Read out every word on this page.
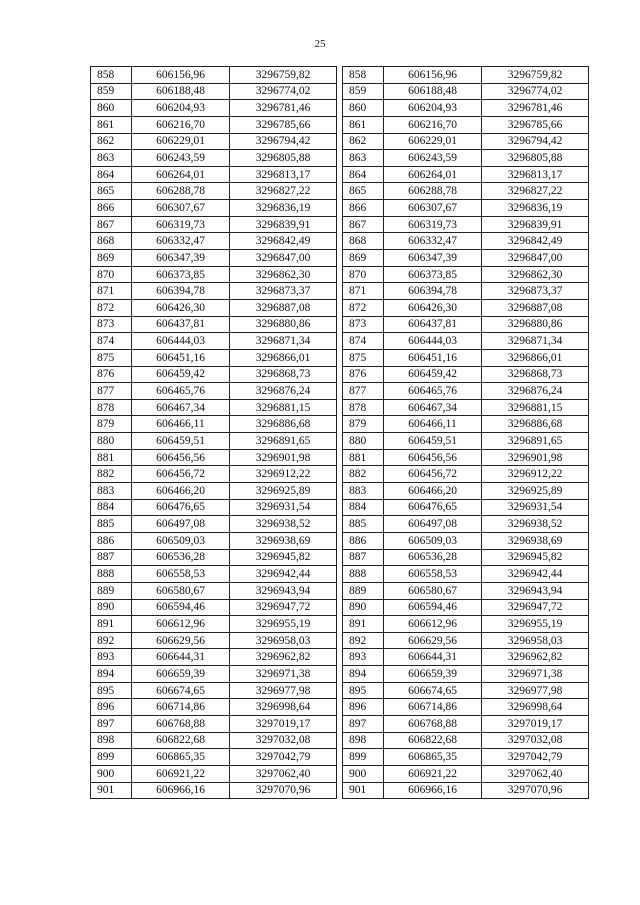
25
858	606156,96	3296759,82
859	606188,48	3296774,02
860	606204,93	3296781,46
861	606216,70	3296785,66
862	606229,01	3296794,42
863	606243,59	3296805,88
864	606264,01	3296813,17
865	606288,78	3296827,22
866	606307,67	3296836,19
867	606319,73	3296839,91
868	606332,47	3296842,49
869	606347,39	3296847,00
870	606373,85	3296862,30
871	606394,78	3296873,37
872	606426,30	3296887,08
873	606437,81	3296880,86
874	606444,03	3296871,34
875	606451,16	3296866,01
876	606459,42	3296868,73
877	606465,76	3296876,24
878	606467,34	3296881,15
879	606466,11	3296886,68
880	606459,51	3296891,65
881	606456,56	3296901,98
882	606456,72	3296912,22
883	606466,20	3296925,89
884	606476,65	3296931,54
885	606497,08	3296938,52
886	606509,03	3296938,69
887	606536,28	3296945,82
888	606558,53	3296942,44
889	606580,67	3296943,94
890	606594,46	3296947,72
891	606612,96	3296955,19
892	606629,56	3296958,03
893	606644,31	3296962,82
894	606659,39	3296971,38
895	606674,65	3296977,98
896	606714,86	3296998,64
897	606768,88	3297019,17
898	606822,68	3297032,08
899	606865,35	3297042,79
900	606921,22	3297062,40
901	606966,16	3297070,96
858	606156,96	3296759,82
859	606188,48	3296774,02
860	606204,93	3296781,46
861	606216,70	3296785,66
862	606229,01	3296794,42
863	606243,59	3296805,88
864	606264,01	3296813,17
865	606288,78	3296827,22
866	606307,67	3296836,19
867	606319,73	3296839,91
868	606332,47	3296842,49
869	606347,39	3296847,00
870	606373,85	3296862,30
871	606394,78	3296873,37
872	606426,30	3296887,08
873	606437,81	3296880,86
874	606444,03	3296871,34
875	606451,16	3296866,01
876	606459,42	3296868,73
877	606465,76	3296876,24
878	606467,34	3296881,15
879	606466,11	3296886,68
880	606459,51	3296891,65
881	606456,56	3296901,98
882	606456,72	3296912,22
883	606466,20	3296925,89
884	606476,65	3296931,54
885	606497,08	3296938,52
886	606509,03	3296938,69
887	606536,28	3296945,82
888	606558,53	3296942,44
889	606580,67	3296943,94
890	606594,46	3296947,72
891	606612,96	3296955,19
892	606629,56	3296958,03
893	606644,31	3296962,82
894	606659,39	3296971,38
895	606674,65	3296977,98
896	606714,86	3296998,64
897	606768,88	3297019,17
898	606822,68	3297032,08
899	606865,35	3297042,79
900	606921,22	3297062,40
901	606966,16	3297070,96
